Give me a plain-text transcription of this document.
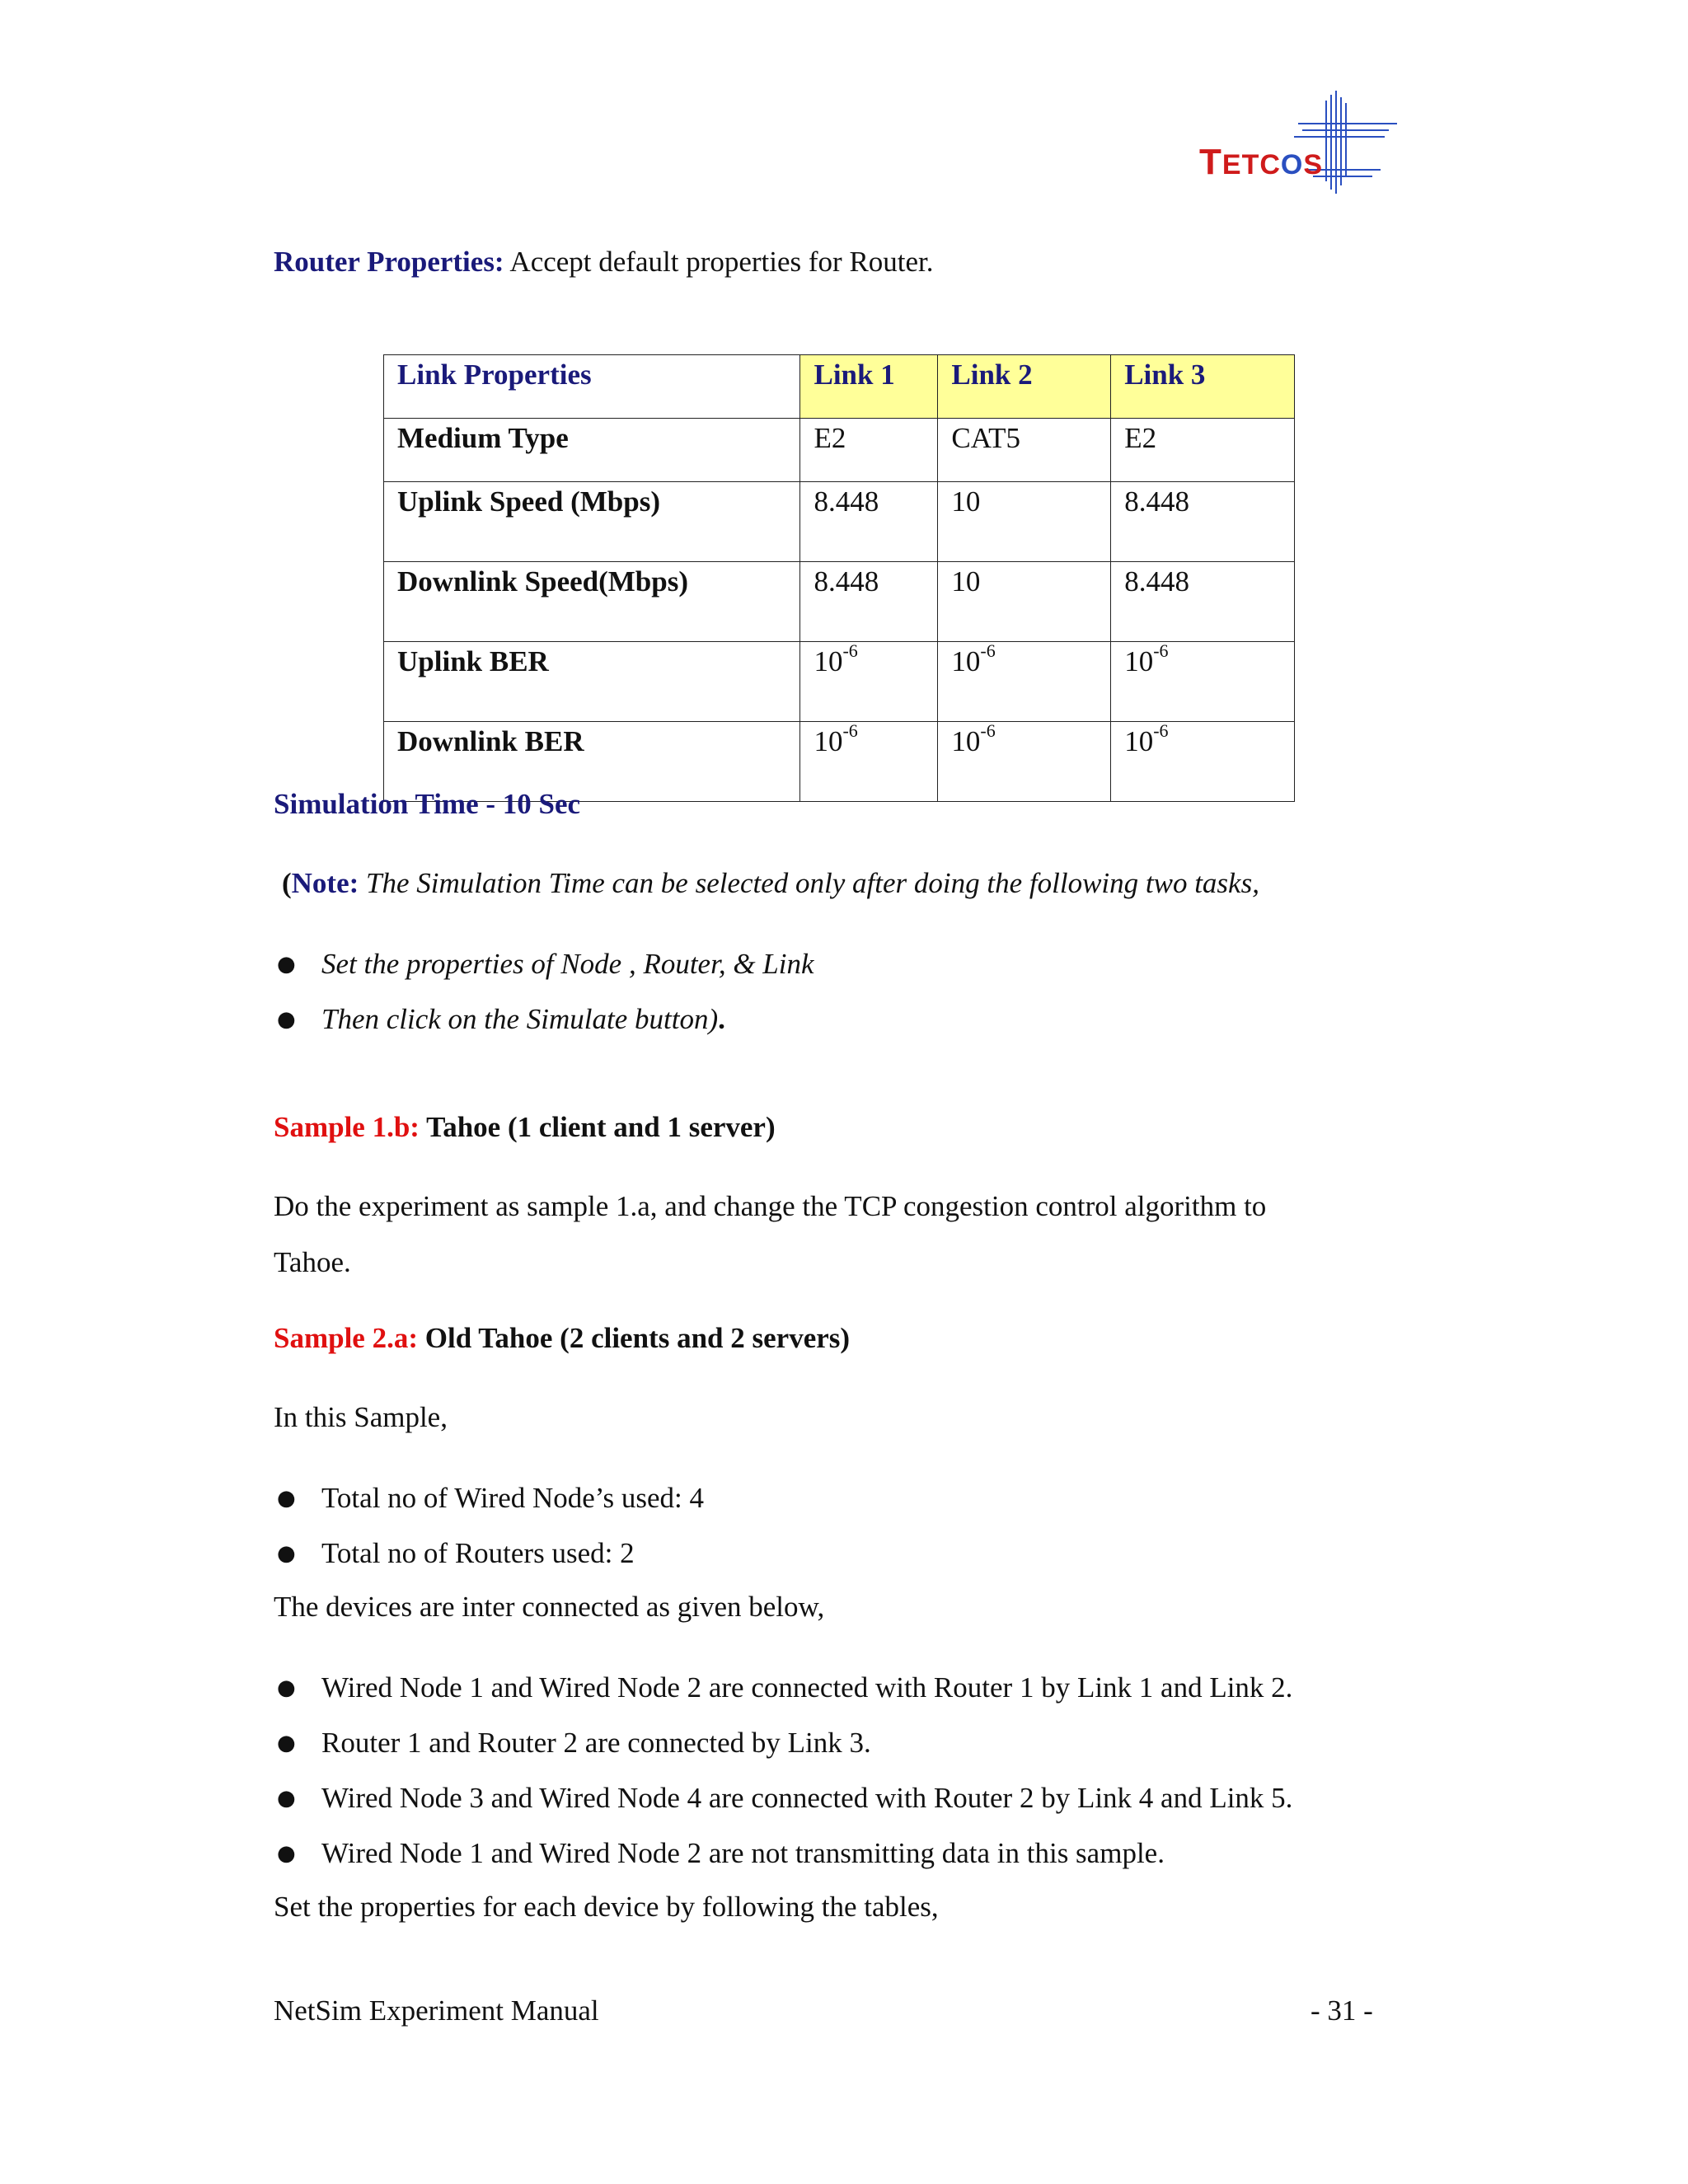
TETCOS
Router Properties: Accept default properties for Router.
Link Properties	Link 1	Link 2	Link 3
Medium Type	E2	CAT5	E2
Uplink Speed (Mbps)	8.448	10	8.448
Downlink Speed(Mbps)	8.448	10	8.448
Uplink BER	$10^{-6}$	$10^{-6}$	$10^{-6}$
Downlink BER	$10^{-6}$	$10^{-6}$	$10^{-6}$
Simulation Time - 10 Sec
(Note: The Simulation Time can be selected only after doing the following two tasks,
● Set the properties of Node , Router, & Link
● Then click on the Simulate button).
Sample 1.b: Tahoe (1 client and 1 server)
Do the experiment as sample 1.a, and change the TCP congestion control algorithm to
Tahoe.
Sample 2.a: Old Tahoe (2 clients and 2 servers)
In this Sample,
● Total no of Wired Node’s used: 4
● Total no of Routers used: 2
The devices are inter connected as given below,
● Wired Node 1 and Wired Node 2 are connected with Router 1 by Link 1 and Link 2.
● Router 1 and Router 2 are connected by Link 3.
● Wired Node 3 and Wired Node 4 are connected with Router 2 by Link 4 and Link 5.
● Wired Node 1 and Wired Node 2 are not transmitting data in this sample.
Set the properties for each device by following the tables,
NetSim Experiment Manual	- 31 -
